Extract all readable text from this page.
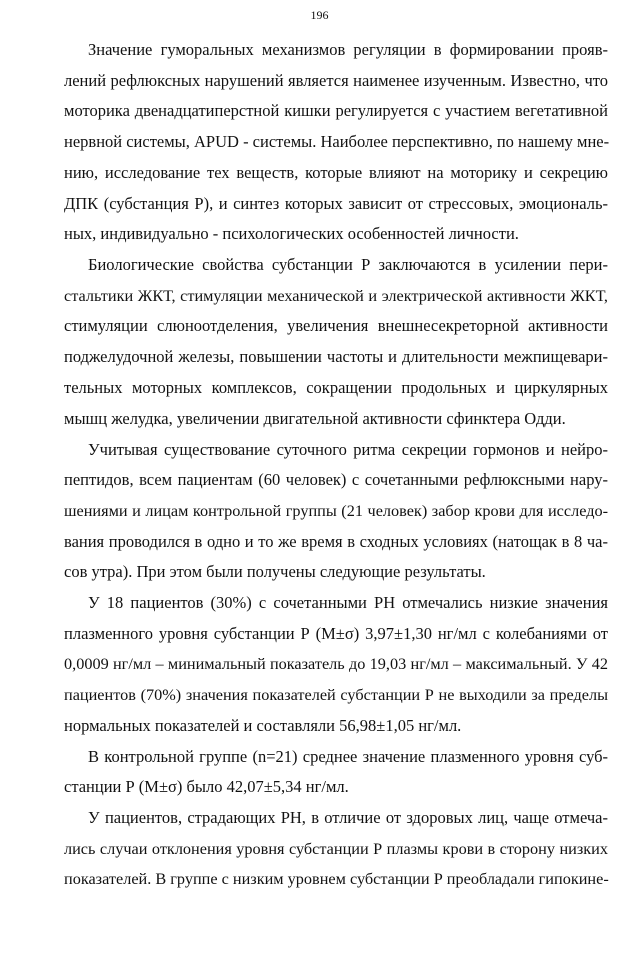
196
Значение гуморальных механизмов регуляции в формировании прояв-
лений рефлюксных нарушений является наименее изученным. Известно, что
моторика двенадцатиперстной кишки регулируется с участием вегетативной
нервной системы, APUD - системы. Наиболее перспективно, по нашему мне-
нию, исследование тех веществ, которые влияют на моторику и секрецию
ДПК (субстанция Р), и синтез которых зависит от стрессовых, эмоциональ-
ных, индивидуально - психологических особенностей личности.
Биологические свойства субстанции Р заключаются в усилении пери-
стальтики ЖКТ, стимуляции механической и электрической активности ЖКТ,
стимуляции слюноотделения, увеличения внешнесекреторной активности
поджелудочной железы, повышении частоты и длительности межпищевари-
тельных моторных комплексов, сокращении продольных и циркулярных
мышц желудка, увеличении двигательной активности сфинктера Одди.
Учитывая существование суточного ритма секреции гормонов и нейро-
пептидов, всем пациентам (60 человек) с сочетанными рефлюксными нару-
шениями и лицам контрольной группы (21 человек) забор крови для исследо-
вания проводился в одно и то же время в сходных условиях (натощак в 8 ча-
сов утра). При этом были получены следующие результаты.
У 18 пациентов (30%) с сочетанными РН отмечались низкие значения
плазменного уровня субстанции Р (M±σ) 3,97±1,30 нг/мл с колебаниями от
0,0009 нг/мл – минимальный показатель до 19,03 нг/мл – максимальный. У 42
пациентов (70%) значения показателей субстанции Р не выходили за пределы
нормальных показателей и составляли 56,98±1,05 нг/мл.
В контрольной группе (n=21) среднее значение плазменного уровня суб-
станции Р (M±σ) было 42,07±5,34 нг/мл.
У пациентов, страдающих РН, в отличие от здоровых лиц, чаще отмеча-
лись случаи отклонения уровня субстанции Р плазмы крови в сторону низких
показателей. В группе с низким уровнем субстанции Р преобладали гипокине-
